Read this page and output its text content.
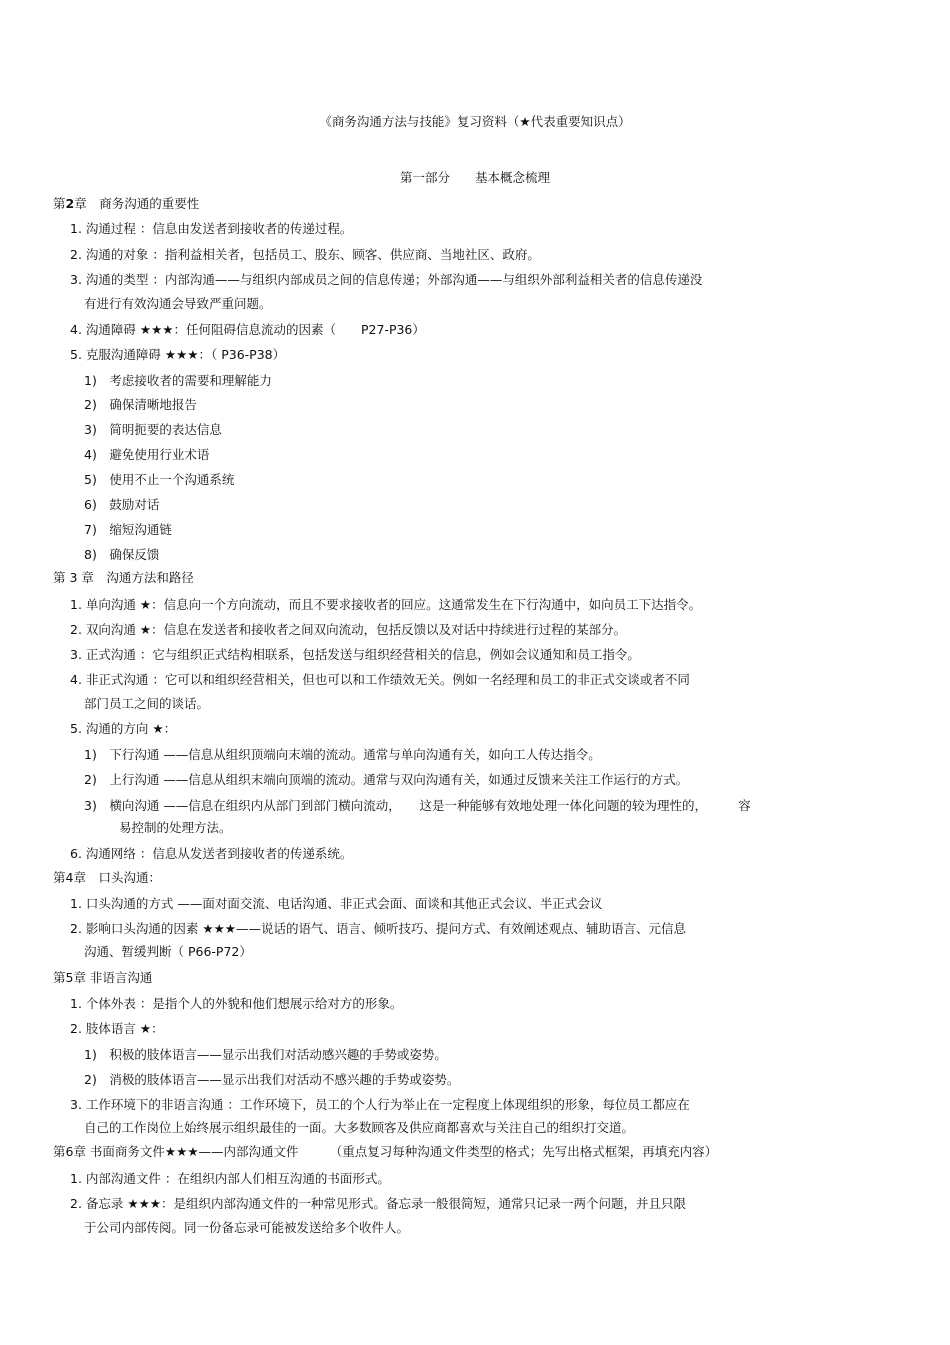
《商务沟通方法与技能》复习资料（★代表重要知识点）
第一部分　　基本概念梳理
第2章　商务沟通的重要性
1. 沟通过程 ：信息由发送者到接收者的传递过程。
2. 沟通的对象 ：指利益相关者，包括员工、股东、顾客、供应商、当地社区、政府。
3. 沟通的类型 ：内部沟通——与组织内部成员之间的信息传递；外部沟通——与组织外部利益相关者的信息传递没
有进行有效沟通会导致严重问题。
4. 沟通障碍 ★★★：任何阻碍信息流动的因素（　　P27-P36）
5. 克服沟通障碍 ★★★：（ P36-P38）
1)　考虑接收者的需要和理解能力
2)　确保清晰地报告
3)　简明扼要的表达信息
4)　避免使用行业术语
5)　使用不止一个沟通系统
6)　鼓励对话
7)　缩短沟通链
8)　确保反馈
第 3 章　沟通方法和路径
1. 单向沟通 ★：信息向一个方向流动，而且不要求接收者的回应。这通常发生在下行沟通中，如向员工下达指令。
2. 双向沟通 ★：信息在发送者和接收者之间双向流动，包括反馈以及对话中持续进行过程的某部分。
3. 正式沟通 ：它与组织正式结构相联系，包括发送与组织经营相关的信息，例如会议通知和员工指令。
4. 非正式沟通 ：它可以和组织经营相关，但也可以和工作绩效无关。例如一名经理和员工的非正式交谈或者不同
部门员工之间的谈话。
5. 沟通的方向 ★：
1)　下行沟通 ——信息从组织顶端向末端的流动。通常与单向沟通有关，如向工人传达指令。
2)　上行沟通 ——信息从组织末端向顶端的流动。通常与双向沟通有关，如通过反馈来关注工作运行的方式。
3)　横向沟通 ——信息在组织内从部门到部门横向流动，　　这是一种能够有效地处理一体化问题的较为理性的，　　　容
易控制的处理方法。
6. 沟通网络 ：信息从发送者到接收者的传递系统。
第4章　口头沟通：
1. 口头沟通的方式 ——面对面交流、电话沟通、非正式会面、面谈和其他正式会议、半正式会议
2. 影响口头沟通的因素 ★★★——说话的语气、语言、倾听技巧、提问方式、有效阐述观点、辅助语言、元信息
沟通、暂缓判断（ P66-P72）
第5章 非语言沟通
1. 个体外表 ：是指个人的外貌和他们想展示给对方的形象。
2. 肢体语言 ★：
1)　积极的肢体语言——显示出我们对活动感兴趣的手势或姿势。
2)　消极的肢体语言——显示出我们对活动不感兴趣的手势或姿势。
3. 工作环境下的非语言沟通 ：工作环境下，员工的个人行为举止在一定程度上体现组织的形象，每位员工都应在
自己的工作岗位上始终展示组织最佳的一面。大多数顾客及供应商都喜欢与关注自己的组织打交道。
第6章 书面商务文件★★★——内部沟通文件　　　（重点复习每种沟通文件类型的格式；先写出格式框架，再填充内容）
1. 内部沟通文件 ：在组织内部人们相互沟通的书面形式。
2. 备忘录 ★★★：是组织内部沟通文件的一种常见形式。备忘录一般很简短，通常只记录一两个问题，并且只限
于公司内部传阅。同一份备忘录可能被发送给多个收件人。
